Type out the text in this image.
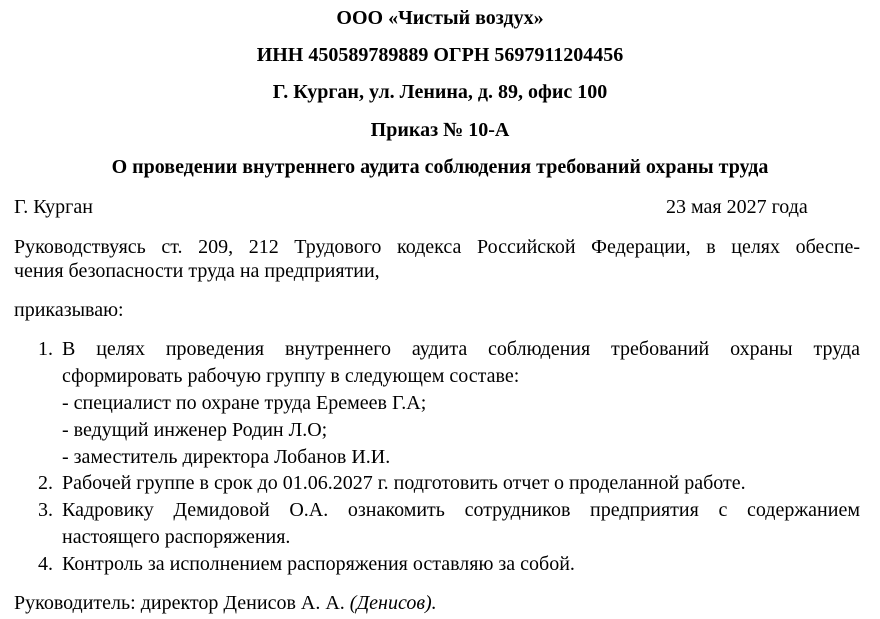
ООО «Чистый воздух»
ИНН 450589789889 ОГРН 5697911204456
Г. Курган, ул. Ленина, д. 89, офис 100
Приказ № 10-А
О проведении внутреннего аудита соблюдения требований охраны труда
Г. Курган	23 мая 2027 года
Руководствуясь ст. 209, 212 Трудового кодекса Российской Федерации, в целях обеспе-
чения безопасности труда на предприятии,
приказываю:
1. В целях проведения внутреннего аудита соблюдения требований охраны труда
сформировать рабочую группу в следующем составе:
- специалист по охране труда Еремеев Г.А;
- ведущий инженер Родин Л.О;
- заместитель директора Лобанов И.И.
2. Рабочей группе в срок до 01.06.2027 г. подготовить отчет о проделанной работе.
3. Кадровику Демидовой О.А. ознакомить сотрудников предприятия с содержанием
настоящего распоряжения.
4. Контроль за исполнением распоряжения оставляю за собой.
Руководитель: директор Денисов А. А. (Денисов).
